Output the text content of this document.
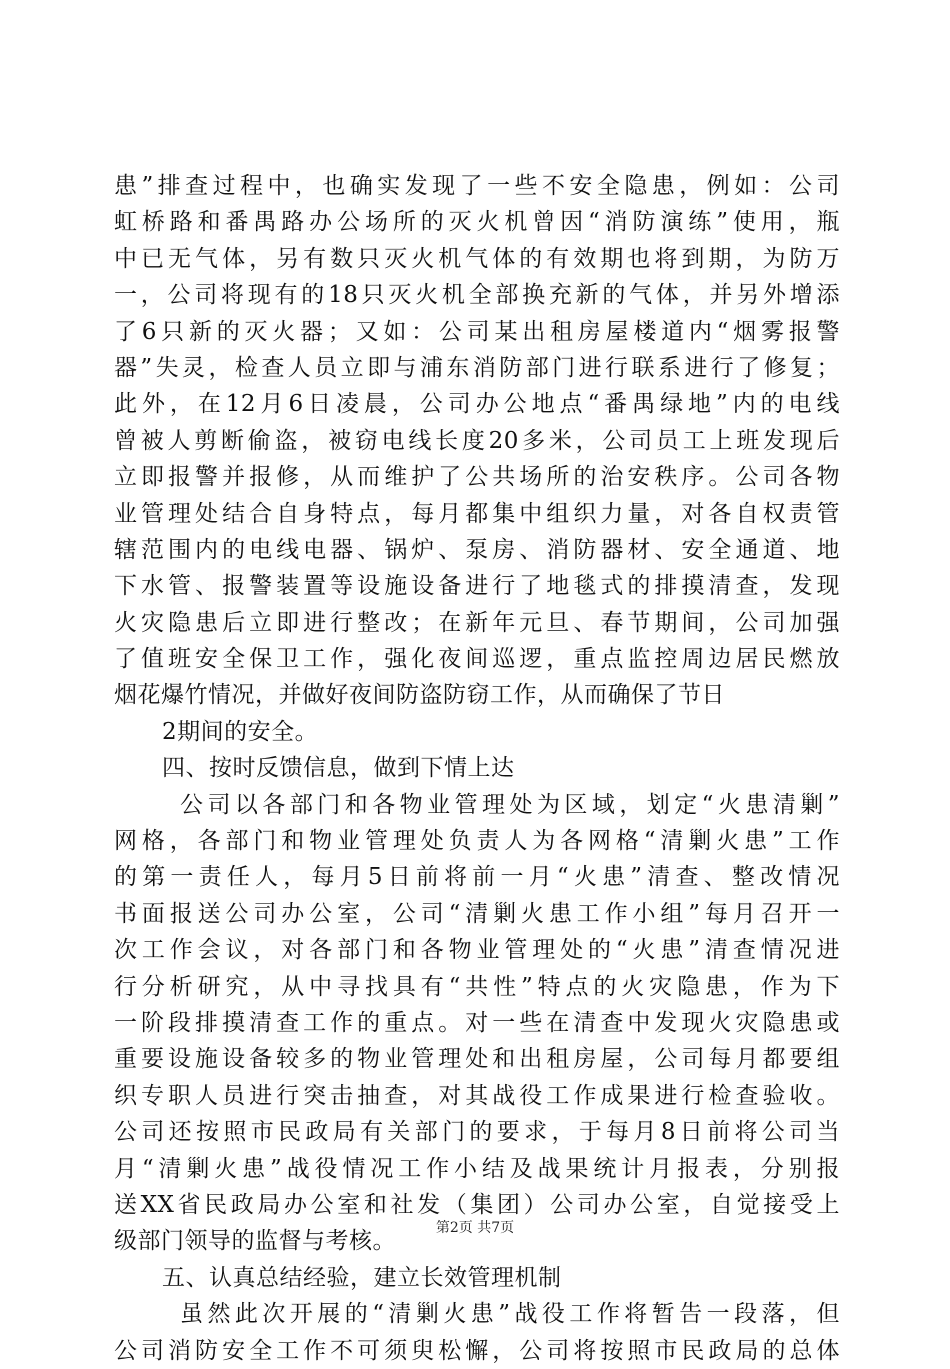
患”排查过程中，也确实发现了一些不安全隐患，例如：公司
虹桥路和番禺路办公场所的灭火机曾因“消防演练”使用，瓶
中已无气体，另有数只灭火机气体的有效期也将到期，为防万
一，公司将现有的18只灭火机全部换充新的气体，并另外增添
了6只新的灭火器；又如：公司某出租房屋楼道内“烟雾报警
器”失灵，检查人员立即与浦东消防部门进行联系进行了修复；
此外，在12月6日凌晨，公司办公地点“番禺绿地”内的电线
曾被人剪断偷盗，被窃电线长度20多米，公司员工上班发现后
立即报警并报修，从而维护了公共场所的治安秩序。公司各物
业管理处结合自身特点，每月都集中组织力量，对各自权责管
辖范围内的电线电器、锅炉、泵房、消防器材、安全通道、地
下水管、报警装置等设施设备进行了地毯式的排摸清查，发现
火灾隐患后立即进行整改；在新年元旦、春节期间，公司加强
了值班安全保卫工作，强化夜间巡逻，重点监控周边居民燃放
烟花爆竹情况，并做好夜间防盗防窃工作，从而确保了节日
2期间的安全。
四、按时反馈信息，做到下情上达
公司以各部门和各物业管理处为区域，划定“火患清剿”
网格，各部门和物业管理处负责人为各网格“清剿火患”工作
的第一责任人，每月5日前将前一月“火患”清查、整改情况
书面报送公司办公室，公司“清剿火患工作小组”每月召开一
次工作会议，对各部门和各物业管理处的“火患”清查情况进
行分析研究，从中寻找具有“共性”特点的火灾隐患，作为下
一阶段排摸清查工作的重点。对一些在清查中发现火灾隐患或
重要设施设备较多的物业管理处和出租房屋，公司每月都要组
织专职人员进行突击抽查，对其战役工作成果进行检查验收。
公司还按照市民政局有关部门的要求，于每月8日前将公司当
月“清剿火患”战役情况工作小结及战果统计月报表，分别报
送XX省民政局办公室和社发（集团）公司办公室，自觉接受上
级部门领导的监督与考核。
五、认真总结经验，建立长效管理机制
虽然此次开展的“清剿火患”战役工作将暂告一段落，但
公司消防安全工作不可须臾松懈，公司将按照市民政局的总体
第2页 共7页
